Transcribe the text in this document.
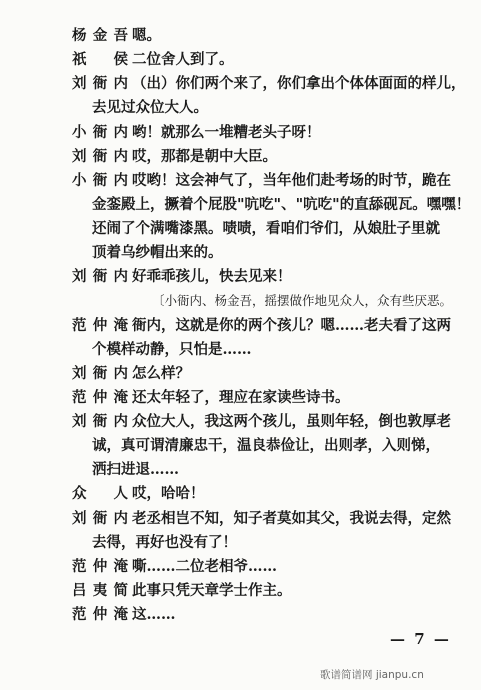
杨金吾 嗯。
祇　侯 二位舍人到了。
刘衙内 （出）你们两个来了，你们拿出个体体面面的样儿，
去见过众位大人。
小衙内 哟！就那么一堆糟老头子呀！
刘衙内 哎，那都是朝中大臣。
小衙内 哎哟！这会神气了，当年他们赴考场的时节，跪在
金銮殿上，撅着个屁股"吭吃"、"吭吃"的直舔砚瓦。嘿嘿！
还闹了个满嘴漆黑。啧啧，看咱们爷们，从娘肚子里就
顶着乌纱帽出来的。
刘衙内 好乖乖孩儿，快去见来！
〔小衙内、杨金吾，摇摆做作地见众人，众有些厌恶。
范仲淹 衙内，这就是你的两个孩儿？嗯……老夫看了这两
个模样动静，只怕是……
刘衙内 怎么样？
范仲淹 还太年轻了，理应在家读些诗书。
刘衙内 众位大人，我这两个孩儿，虽则年轻，倒也敦厚老
诚，真可谓清廉忠干，温良恭俭让，出则孝，入则悌，
洒扫进退……
众　人 哎，哈哈！
刘衙内 老丞相岂不知，知子者莫如其父，我说去得，定然
去得，再好也没有了！
范仲淹 嘶……二位老相爷……
吕夷简 此事只凭天章学士作主。
范仲淹 这……
— 7 —
歌谱简谱网 jianpu.cn
